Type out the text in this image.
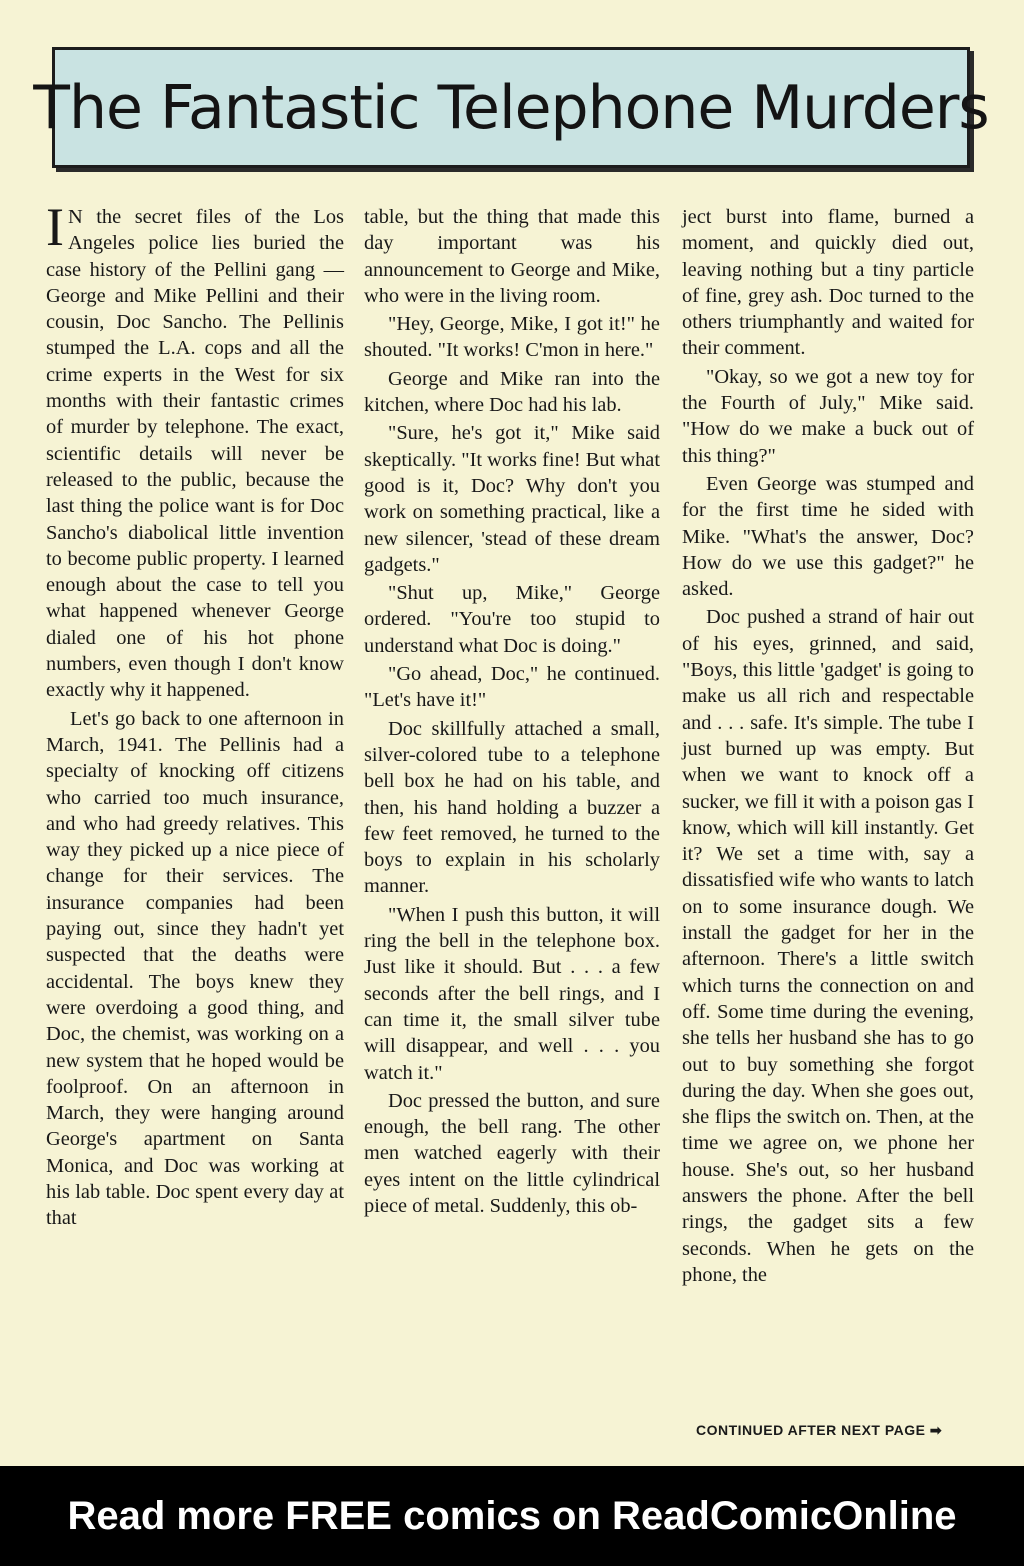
The Fantastic Telephone Murders

I N the secret files of the Los Angeles police lies buried the case history of the Pellini gang — George and Mike Pellini and their cousin, Doc Sancho. The Pellinis stumped the L.A. cops and all the crime experts in the West for six months with their fantastic crimes of murder by telephone. The exact, scientific details will never be released to the public, because the last thing the police want is for Doc Sancho's diabolical little invention to become public property. I learned enough about the case to tell you what happened whenever George dialed one of his hot phone numbers, even though I don't know exactly why it happened.

Let's go back to one afternoon in March, 1941. The Pellinis had a specialty of knocking off citizens who carried too much insurance, and who had greedy relatives. This way they picked up a nice piece of change for their services. The insurance companies had been paying out, since they hadn't yet suspected that the deaths were accidental. The boys knew they were overdoing a good thing, and Doc, the chemist, was working on a new system that he hoped would be foolproof. On an afternoon in March, they were hanging around George's apartment on Santa Monica, and Doc was working at his lab table. Doc spent every day at that

table, but the thing that made this day important was his announcement to George and Mike, who were in the living room.

"Hey, George, Mike, I got it!" he shouted. "It works! C'mon in here."

George and Mike ran into the kitchen, where Doc had his lab.

"Sure, he's got it," Mike said skeptically. "It works fine! But what good is it, Doc? Why don't you work on something practical, like a new silencer, 'stead of these dream gadgets."

"Shut up, Mike," George ordered. "You're too stupid to understand what Doc is doing."

"Go ahead, Doc," he continued. "Let's have it!"

Doc skillfully attached a small, silver-colored tube to a telephone bell box he had on his table, and then, his hand holding a buzzer a few feet removed, he turned to the boys to explain in his scholarly manner.

"When I push this button, it will ring the bell in the telephone box. Just like it should. But . . . a few seconds after the bell rings, and I can time it, the small silver tube will disappear, and well . . . you watch it."

Doc pressed the button, and sure enough, the bell rang. The other men watched eagerly with their eyes intent on the little cylindrical piece of metal. Suddenly, this ob-

ject burst into flame, burned a moment, and quickly died out, leaving nothing but a tiny particle of fine, grey ash. Doc turned to the others triumphantly and waited for their comment.

"Okay, so we got a new toy for the Fourth of July," Mike said. "How do we make a buck out of this thing?"

Even George was stumped and for the first time he sided with Mike. "What's the answer, Doc? How do we use this gadget?" he asked.

Doc pushed a strand of hair out of his eyes, grinned, and said, "Boys, this little 'gadget' is going to make us all rich and respectable and . . . safe. It's simple. The tube I just burned up was empty. But when we want to knock off a sucker, we fill it with a poison gas I know, which will kill instantly. Get it? We set a time with, say a dissatisfied wife who wants to latch on to some insurance dough. We install the gadget for her in the afternoon. There's a little switch which turns the connection on and off. Some time during the evening, she tells her husband she has to go out to buy something she forgot during the day. When she goes out, she flips the switch on. Then, at the time we agree on, we phone her house. She's out, so her husband answers the phone. After the bell rings, the gadget sits a few seconds. When he gets on the phone, the

CONTINUED AFTER NEXT PAGE ➡
Read more FREE comics on ReadComicOnline
